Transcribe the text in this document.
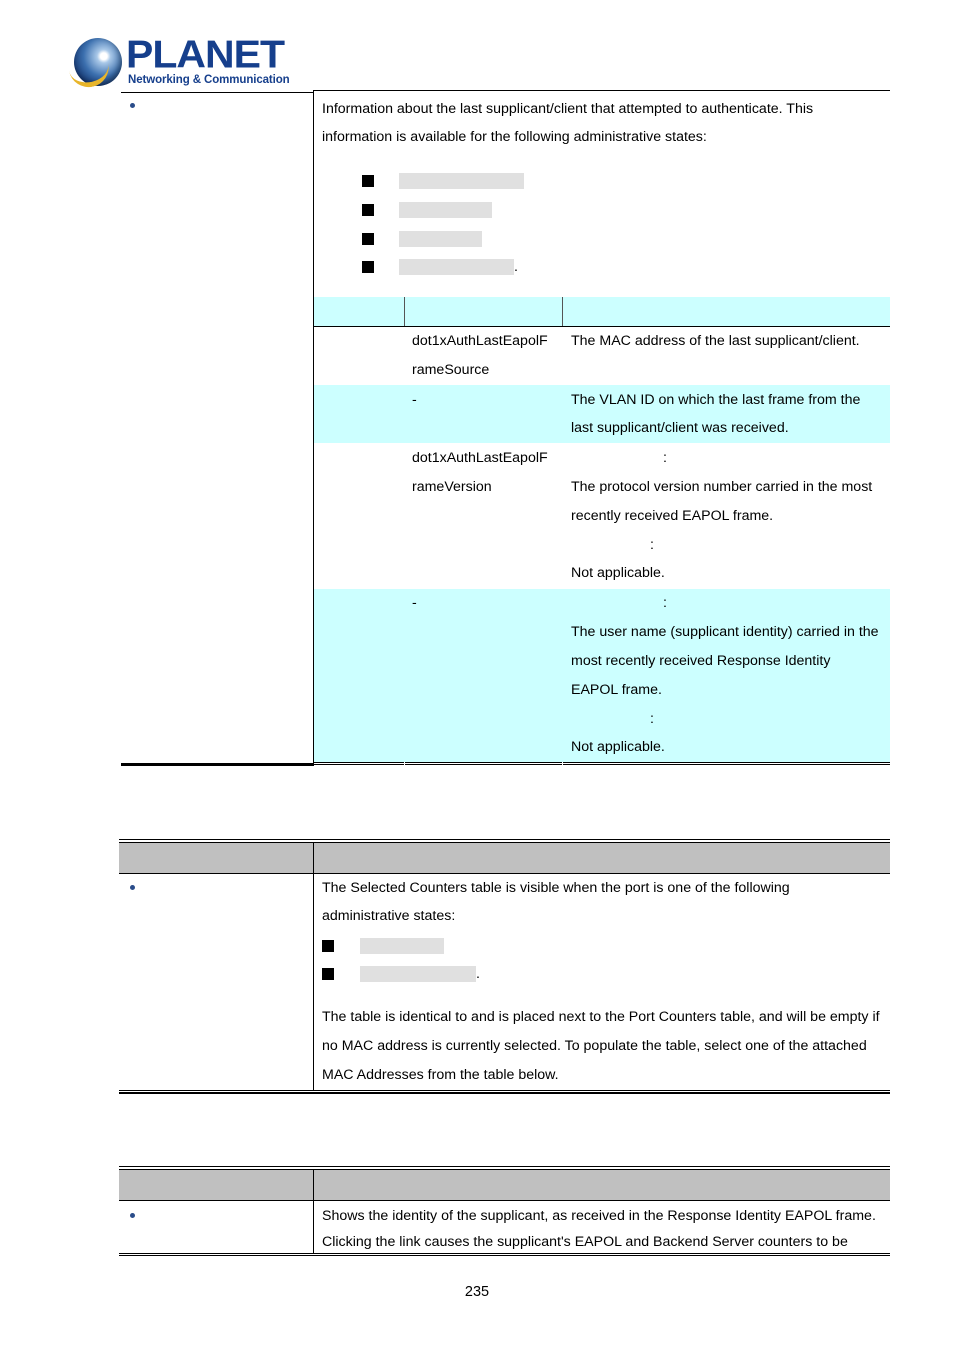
PLANET
Networking & Communication
Information about the last supplicant/client that attempted to authenticate. This
information is available for the following administrative states:
.
dot1xAuthLastEapolF
rameSource
The MAC address of the last supplicant/client.
-	The VLAN ID on which the last frame from the
last supplicant/client was received.
dot1xAuthLastEapolF
rameVersion
:
The protocol version number carried in the most
recently received EAPOL frame.
:
Not applicable.
-	:
The user name (supplicant identity) carried in the
most recently received Response Identity
EAPOL frame.
:
Not applicable.
The Selected Counters table is visible when the port is one of the following
administrative states:
.
The table is identical to and is placed next to the Port Counters table, and will be empty if
no MAC address is currently selected. To populate the table, select one of the attached
MAC Addresses from the table below.
Shows the identity of the supplicant, as received in the Response Identity EAPOL frame.
Clicking the link causes the supplicant's EAPOL and Backend Server counters to be
235
